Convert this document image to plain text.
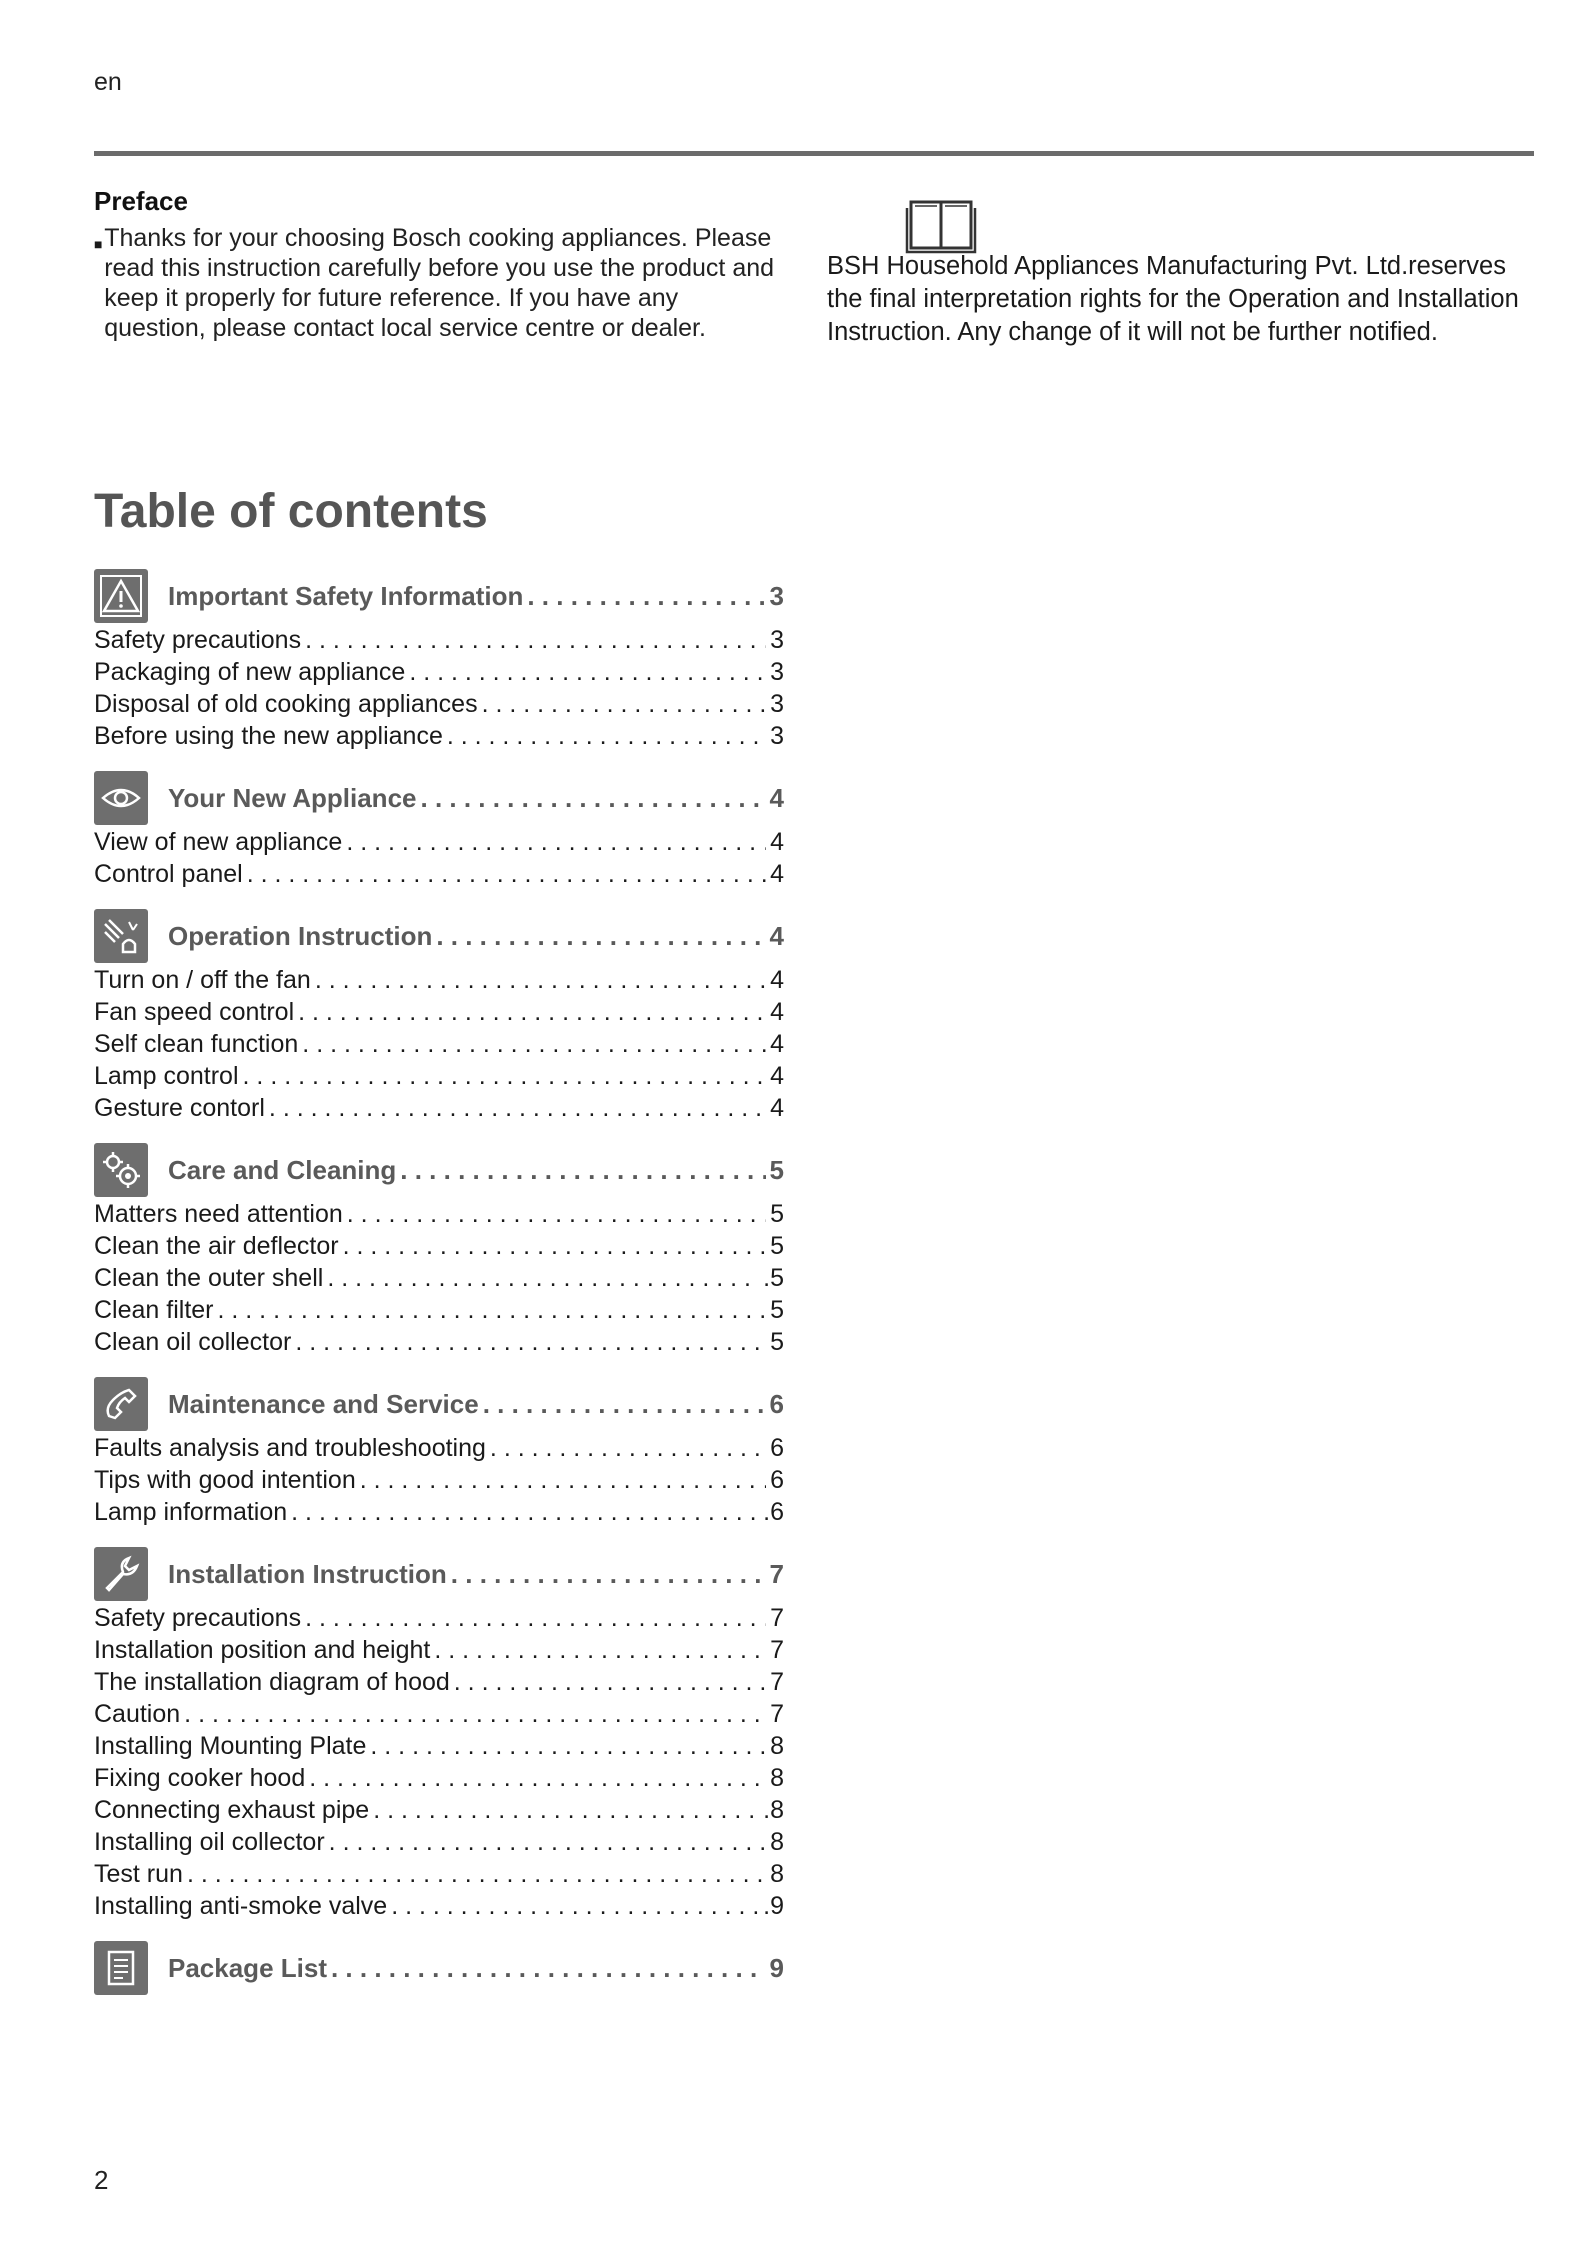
en
Preface
■ Thanks for your choosing Bosch cooking appliances. Please read this instruction carefully before you use the product and keep it properly for future reference. If you have any question, please contact local service centre or dealer.
BSH Household Appliances Manufacturing Pvt. Ltd.reserves the final interpretation rights for the Operation and Installation Instruction. Any change of it will not be further notified.
Table of contents
Important Safety Information . . .	3
Safety precautions . . .	3
Packaging of new appliance . . .	3
Disposal of old cooking appliances . . .	3
Before using the new appliance . . .	3
Your New Appliance . . .	4
View of new appliance . . .	4
Control panel . . .	4
Operation Instruction . . .	4
Turn on / off the fan . . .	4
Fan speed control . . .	4
Self clean function . . .	4
Lamp control . . .	4
Gesture contorl . . .	4
Care and Cleaning . . .	5
Matters need attention . . .	5
Clean the air deflector . . .	5
Clean the outer shell . . .	.5
Clean filter . . .	5
Clean oil collector . . .	5
Maintenance and Service . . .	6
Faults analysis and troubleshooting . . .	6
Tips with good intention . . .	6
Lamp information . . .	.6
Installation Instruction . . .	7
Safety precautions . . .	7
Installation position and height . . .	7
The installation diagram of hood . . .	7
Caution . . .	7
Installing Mounting Plate . . .	8
Fixing cooker hood . . .	8
Connecting exhaust pipe . . .	.8
Installing oil collector . . .	8
Test run . . .	8
Installing anti-smoke valve . . .	.9
Package List . . .	9
2
